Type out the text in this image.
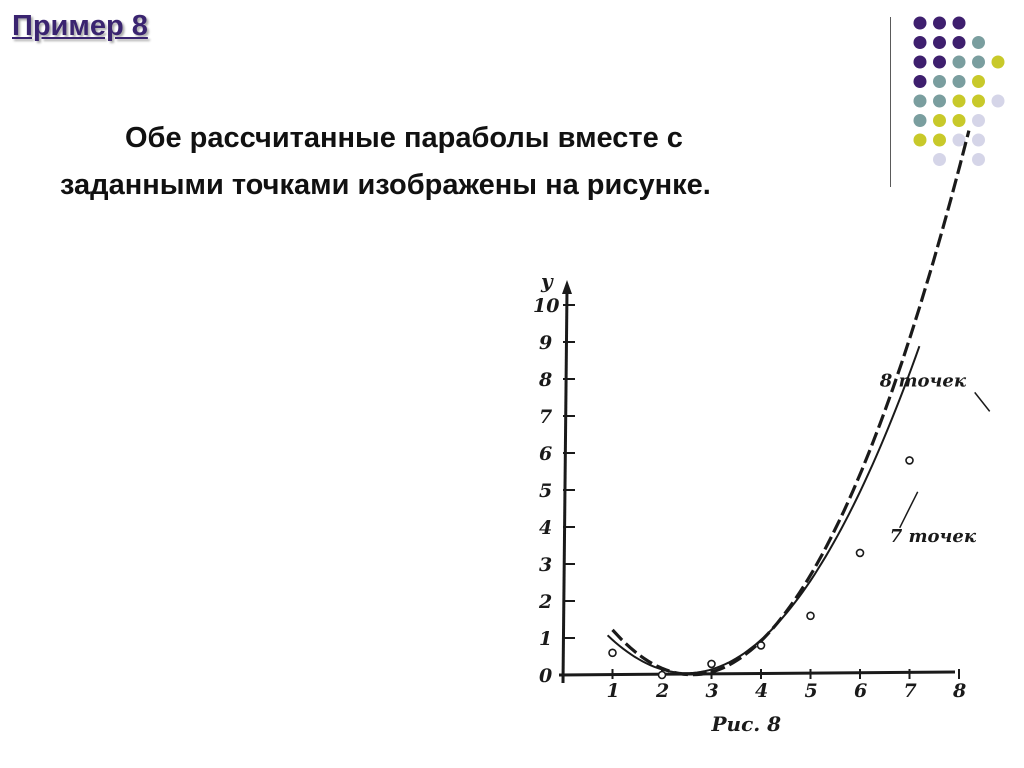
Пример 8
Обе рассчитанные параболы вместе с
заданными точками изображены на рисунке.
y
1 2 3 4 5 6 7 8
0
1
2
3
4
5
6
7
8
9
10
8 точек
7 точек
Рис. 8
